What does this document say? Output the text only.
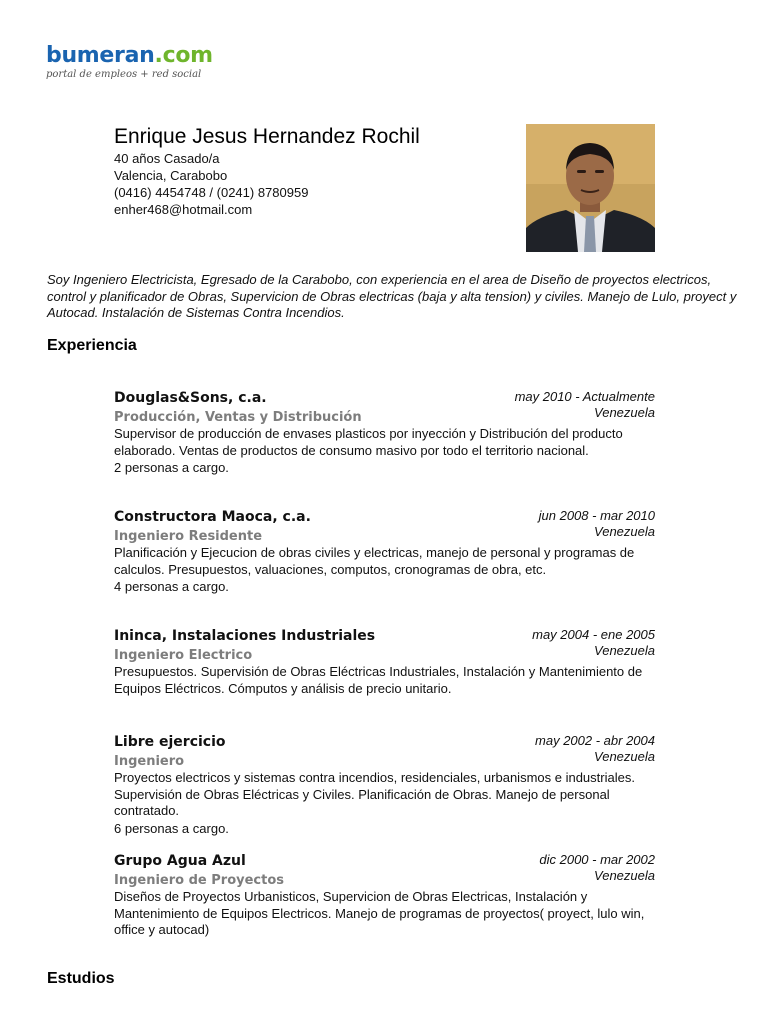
bumeran.com
portal de empleos + red social
Enrique Jesus Hernandez Rochil
40 años Casado/a
Valencia, Carabobo
(0416) 4454748 / (0241) 8780959
enher468@hotmail.com
Soy Ingeniero Electricista, Egresado de la Carabobo, con experiencia en el area de Diseño de proyectos electricos, control y planificador de Obras, Supervicion de Obras electricas (baja y alta tension) y civiles. Manejo de Lulo, proyect y Autocad. Instalación de Sistemas Contra Incendios.
Experiencia
Douglas&Sons, c.a.	may 2010 - Actualmente
Producción, Ventas y Distribución	Venezuela
Supervisor de producción de envases plasticos por inyección y Distribución del producto elaborado. Ventas de productos de consumo masivo por todo el territorio nacional.
2 personas a cargo.
Constructora Maoca, c.a.	jun 2008 - mar 2010
Ingeniero Residente	Venezuela
Planificación y Ejecucion de obras civiles y electricas, manejo de personal y programas de calculos. Presupuestos, valuaciones, computos, cronogramas de obra, etc.
4 personas a cargo.
Ininca, Instalaciones Industriales	may 2004 - ene 2005
Ingeniero Electrico	Venezuela
Presupuestos. Supervisión de Obras Eléctricas Industriales, Instalación y Mantenimiento de Equipos Eléctricos. Cómputos y análisis de precio unitario.
Libre ejercicio	may 2002 - abr 2004
Ingeniero	Venezuela
Proyectos electricos y sistemas contra incendios, residenciales, urbanismos e industriales. Supervisión de Obras Eléctricas y Civiles. Planificación de Obras. Manejo de personal contratado.
6 personas a cargo.
Grupo Agua Azul	dic 2000 - mar 2002
Ingeniero de Proyectos	Venezuela
Diseños de Proyectos Urbanisticos, Supervicion de Obras Electricas, Instalación y Mantenimiento de Equipos Electricos. Manejo de programas de proyectos( proyect, lulo win, office y autocad)
Estudios
